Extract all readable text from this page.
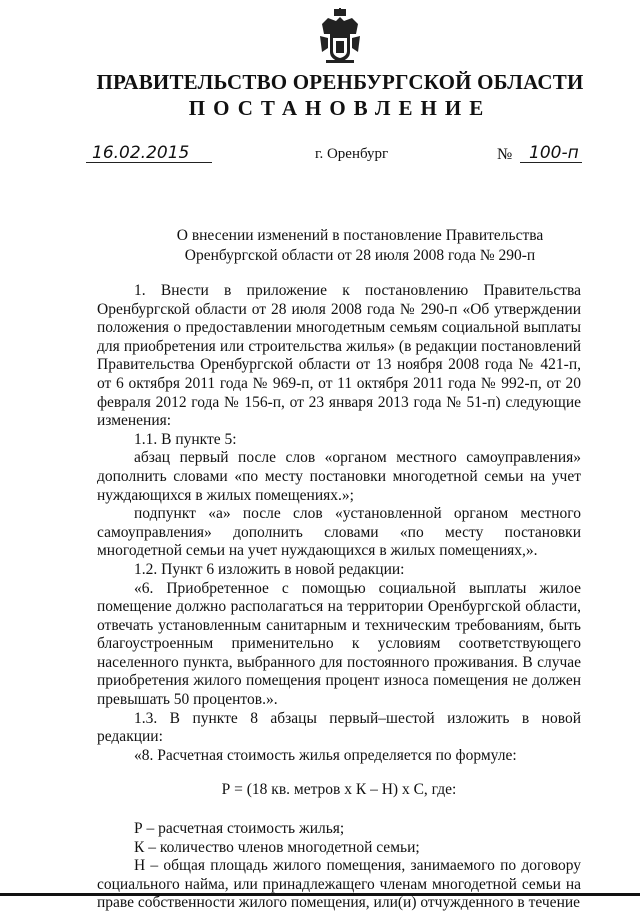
ПРАВИТЕЛЬСТВО ОРЕНБУРГСКОЙ ОБЛАСТИ
ПОСТАНОВЛЕНИЕ
16.02.2015	г. Оренбург	№ 100-п
О внесении изменений в постановление Правительства
Оренбургской области от 28 июля 2008 года № 290-п

1. Внести в приложение к постановлению Правительства Оренбургской области от 28 июля 2008 года № 290-п «Об утверждении положения о предоставлении многодетным семьям социальной выплаты для приобретения или строительства жилья» (в редакции постановлений Правительства Оренбургской области от 13 ноября 2008 года № 421-п, от 6 октября 2011 года № 969-п, от 11 октября 2011 года № 992-п, от 20 февраля 2012 года № 156-п, от 23 января 2013 года № 51-п) следующие изменения:

1.1. В пункте 5:

абзац первый после слов «органом местного самоуправления» дополнить словами «по месту постановки многодетной семьи на учет нуждающихся в жилых помещениях.»;

подпункт «а» после слов «установленной органом местного самоуправления» дополнить словами «по месту постановки многодетной семьи на учет нуждающихся в жилых помещениях,».

1.2. Пункт 6 изложить в новой редакции:

«6. Приобретенное с помощью социальной выплаты жилое помещение должно располагаться на территории Оренбургской области, отвечать установленным санитарным и техническим требованиям, быть благоустроенным применительно к условиям соответствующего населенного пункта, выбранного для постоянного проживания. В случае приобретения жилого помещения процент износа помещения не должен превышать 50 процентов.».

1.3. В пункте 8 абзацы первый–шестой изложить в новой редакции:

«8. Расчетная стоимость жилья определяется по формуле:

Р = (18 кв. метров х К – Н) х С, где:

Р – расчетная стоимость жилья;

К – количество членов многодетной семьи;

Н – общая площадь жилого помещения, занимаемого по договору социального найма, или принадлежащего членам многодетной семьи на праве собственности жилого помещения, или(и) отчужденного в течение
